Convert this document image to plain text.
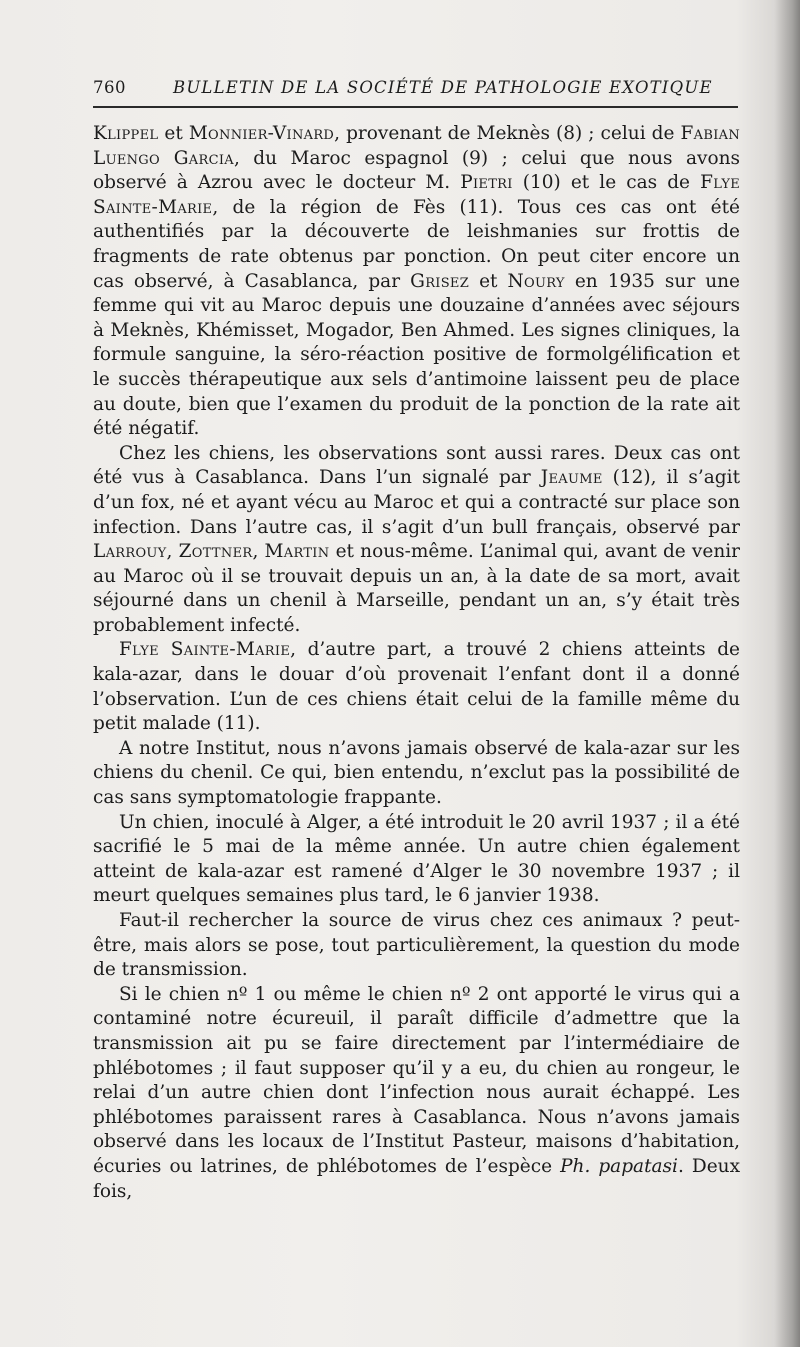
760	BULLETIN DE LA SOCIÉTÉ DE PATHOLOGIE EXOTIQUE

Klippel et Monnier-Vinard, provenant de Meknès (8) ; celui de Fabian Luengo Garcia, du Maroc espagnol (9) ; celui que nous avons observé à Azrou avec le docteur M. Pietri (10) et le cas de Flye Sainte-Marie, de la région de Fès (11). Tous ces cas ont été authentifiés par la découverte de leishmanies sur frottis de fragments de rate obtenus par ponction. On peut citer encore un cas observé, à Casablanca, par Grisez et Noury en 1935 sur une femme qui vit au Maroc depuis une douzaine d’années avec séjours à Meknès, Khémisset, Mogador, Ben Ahmed. Les signes cliniques, la formule sanguine, la séro-réaction positive de formolgélification et le succès thérapeutique aux sels d’antimoine laissent peu de place au doute, bien que l’examen du produit de la ponction de la rate ait été négatif.

Chez les chiens, les observations sont aussi rares. Deux cas ont été vus à Casablanca. Dans l’un signalé par Jeaume (12), il s’agit d’un fox, né et ayant vécu au Maroc et qui a contracté sur place son infection. Dans l’autre cas, il s’agit d’un bull français, observé par Larrouy, Zottner, Martin et nous-même. L’animal qui, avant de venir au Maroc où il se trouvait depuis un an, à la date de sa mort, avait séjourné dans un chenil à Marseille, pendant un an, s’y était très probablement infecté.

Flye Sainte-Marie, d’autre part, a trouvé 2 chiens atteints de kala-azar, dans le douar d’où provenait l’enfant dont il a donné l’observation. L’un de ces chiens était celui de la famille même du petit malade (11).

A notre Institut, nous n’avons jamais observé de kala-azar sur les chiens du chenil. Ce qui, bien entendu, n’exclut pas la possibilité de cas sans symptomatologie frappante.

Un chien, inoculé à Alger, a été introduit le 20 avril 1937 ; il a été sacrifié le 5 mai de la même année. Un autre chien également atteint de kala-azar est ramené d’Alger le 30 novembre 1937 ; il meurt quelques semaines plus tard, le 6 janvier 1938.

Faut-il rechercher la source de virus chez ces animaux ? peut-être, mais alors se pose, tout particulièrement, la question du mode de transmission.

Si le chien nº 1 ou même le chien nº 2 ont apporté le virus qui a contaminé notre écureuil, il paraît difficile d’admettre que la transmission ait pu se faire directement par l’intermédiaire de phlébotomes ; il faut supposer qu’il y a eu, du chien au rongeur, le relai d’un autre chien dont l’infection nous aurait échappé. Les phlébotomes paraissent rares à Casablanca. Nous n’avons jamais observé dans les locaux de l’Institut Pasteur, maisons d’habitation, écuries ou latrines, de phlébotomes de l’espèce Ph. papatasi. Deux fois,
